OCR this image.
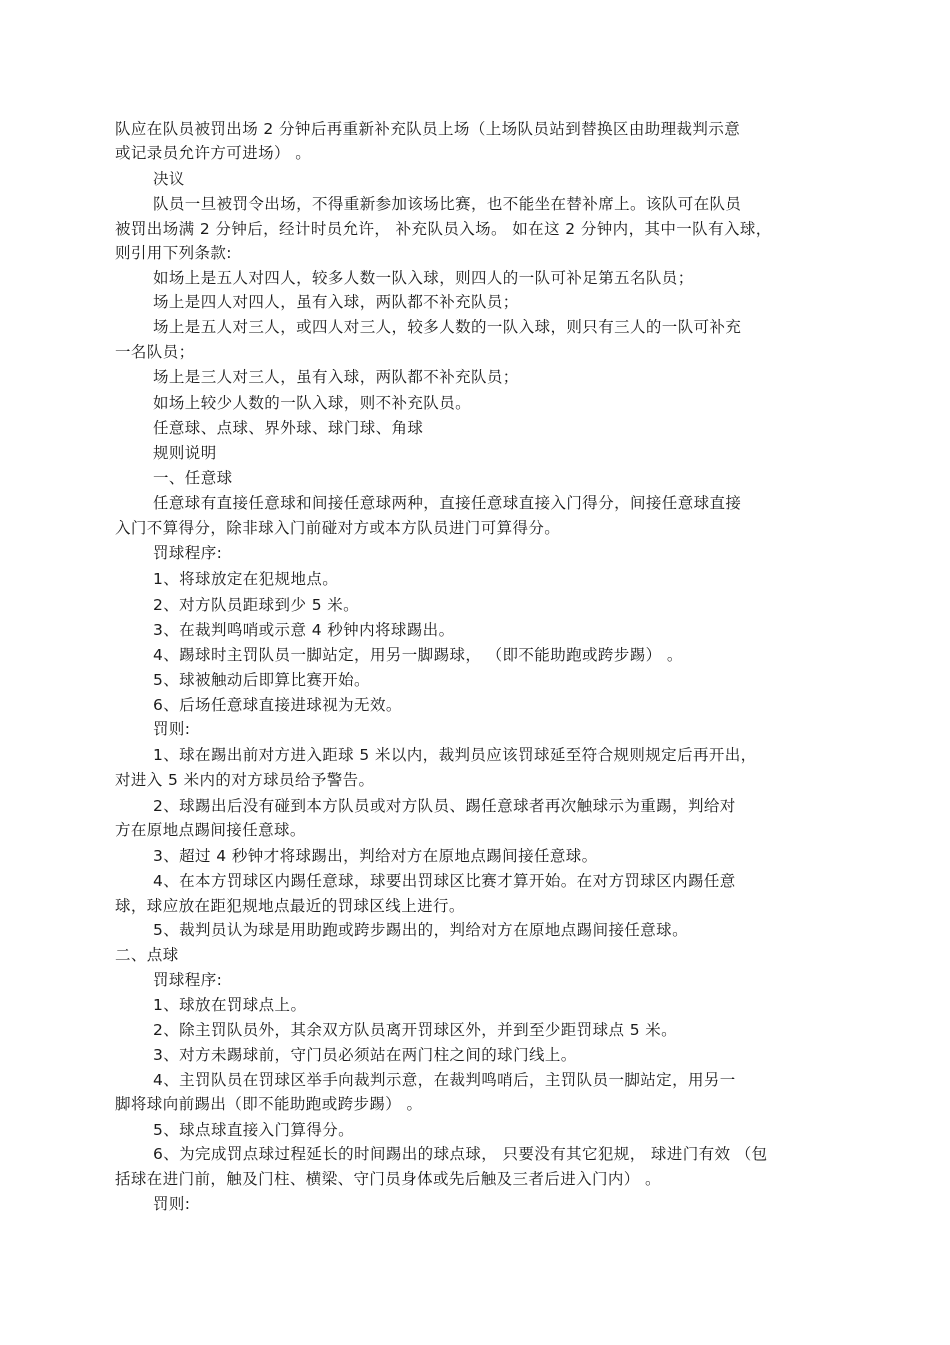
队应在队员被罚出场 2 分钟后再重新补充队员上场（上场队员站到替换区由助理裁判示意
或记录员允许方可进场） 。
决议
队员一旦被罚令出场，不得重新参加该场比赛，也不能坐在替补席上。该队可在队员
被罚出场满 2 分钟后，经计时员允许， 补充队员入场。 如在这 2 分钟内，其中一队有入球，
则引用下列条款:
如场上是五人对四人，较多人数一队入球，则四人的一队可补足第五名队员；
场上是四人对四人，虽有入球，两队都不补充队员；
场上是五人对三人，或四人对三人，较多人数的一队入球，则只有三人的一队可补充
一名队员；
场上是三人对三人，虽有入球，两队都不补充队员；
如场上较少人数的一队入球，则不补充队员。
任意球、点球、界外球、球门球、角球
规则说明
一、任意球
任意球有直接任意球和间接任意球两种，直接任意球直接入门得分，间接任意球直接
入门不算得分，除非球入门前碰对方或本方队员进门可算得分。
罚球程序:
1、将球放定在犯规地点。
2、对方队员距球到少 5 米。
3、在裁判鸣哨或示意 4 秒钟内将球踢出。
4、踢球时主罚队员一脚站定，用另一脚踢球， （即不能助跑或跨步踢） 。
5、球被触动后即算比赛开始。
6、后场任意球直接进球视为无效。
罚则:
1、球在踢出前对方进入距球 5 米以内，裁判员应该罚球延至符合规则规定后再开出，
对进入 5 米内的对方球员给予警告。
2、球踢出后没有碰到本方队员或对方队员、踢任意球者再次触球示为重踢，判给对
方在原地点踢间接任意球。
3、超过 4 秒钟才将球踢出，判给对方在原地点踢间接任意球。
4、在本方罚球区内踢任意球，球要出罚球区比赛才算开始。在对方罚球区内踢任意
球，球应放在距犯规地点最近的罚球区线上进行。
5、裁判员认为球是用助跑或跨步踢出的，判给对方在原地点踢间接任意球。
二、点球
罚球程序:
1、球放在罚球点上。
2、除主罚队员外，其余双方队员离开罚球区外，并到至少距罚球点 5 米。
3、对方未踢球前，守门员必须站在两门柱之间的球门线上。
4、主罚队员在罚球区举手向裁判示意，在裁判鸣哨后，主罚队员一脚站定，用另一
脚将球向前踢出（即不能助跑或跨步踢） 。
5、球点球直接入门算得分。
6、为完成罚点球过程延长的时间踢出的球点球， 只要没有其它犯规， 球进门有效 （包
括球在进门前，触及门柱、横梁、守门员身体或先后触及三者后进入门内） 。
罚则:
